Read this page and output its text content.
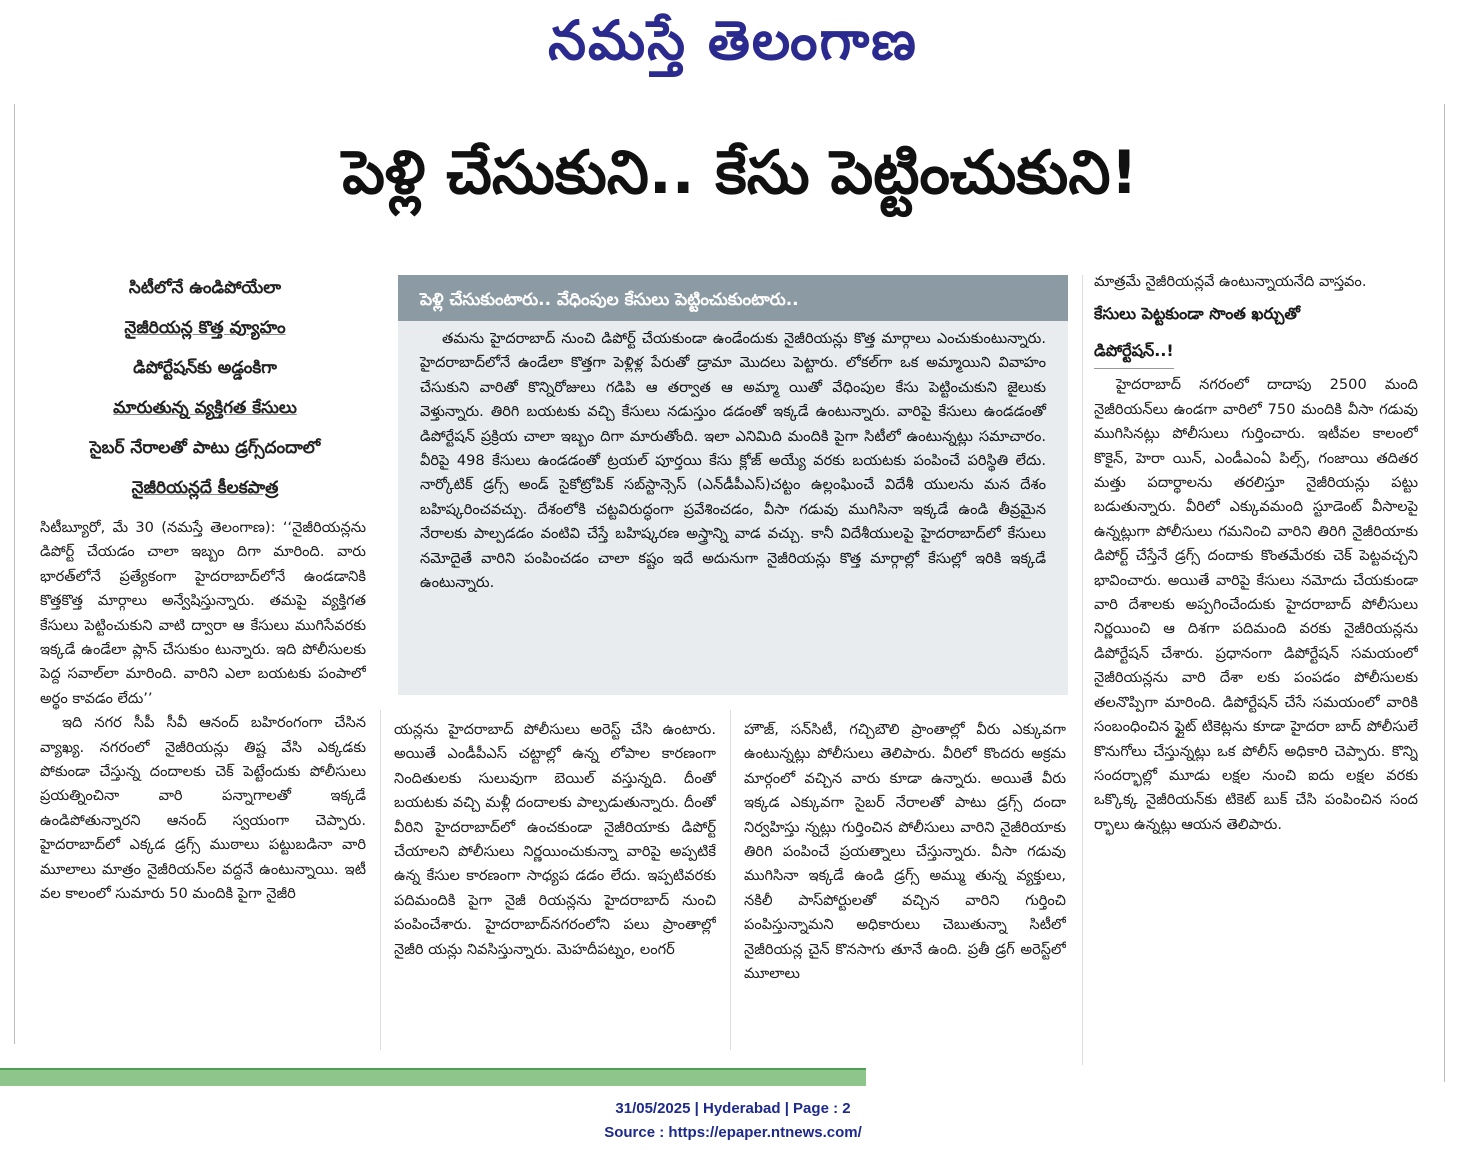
నమస్తే తెలంగాణ
పెళ్లి చేసుకుని.. కేసు పెట్టించుకుని!
సిటీలోనే ఉండిపోయేలా
నైజీరియన్ల కొత్త వ్యూహం
డిపోర్టేషన్‌కు అడ్డంకిగా
మారుతున్న వ్యక్తిగత కేసులు
సైబర్ నేరాలతో పాటు డ్రగ్స్‌దందాలో
నైజీరియన్లదే కీలకపాత్ర
పెళ్లి చేసుకుంటారు.. వేధింపుల కేసులు పెట్టించుకుంటారు..

తమను హైదరాబాద్ నుంచి డిపోర్ట్ చేయకుండా ఉండేందుకు నైజీరియన్లు కొత్త మార్గాలు ఎంచుకుంటున్నారు. హైదరాబాద్‌లోనే ఉండేలా కొత్తగా పెళ్లిళ్ల పేరుతో డ్రామా మొదలు పెట్టారు. లోకల్‌గా ఒక అమ్మాయిని వివాహం చేసుకుని వారితో కొన్నిరోజులు గడిపి ఆ తర్వాత ఆ అమ్మా యితో వేధింపుల కేసు పెట్టించుకుని జైలుకు వెళ్తున్నారు. తిరిగి బయటకు వచ్చి కేసులు నడుస్తుం డడంతో ఇక్కడే ఉంటున్నారు. వారిపై కేసులు ఉండడంతో డిపోర్టేషన్ ప్రక్రియ చాలా ఇబ్బం దిగా మారుతోంది. ఇలా ఎనిమిది మందికి పైగా సిటీలో ఉంటున్నట్లు సమాచారం. వీరిపై 498 కేసులు ఉండడంతో ట్రయల్ పూర్తయి కేసు క్లోజ్ అయ్యే వరకు బయటకు పంపించే పరిస్థితి లేదు. నార్కోటిక్ డ్రగ్స్ అండ్ సైకోట్రోపిక్ సబ్‌స్టాన్సెస్ (ఎన్‌డీపీఎస్)చట్టం ఉల్లంఘించే విదేశీ యులను మన దేశం బహిష్కరించవచ్చు. దేశంలోకి చట్టవిరుద్ధంగా ప్రవేశించడం, వీసా గడువు ముగిసినా ఇక్కడే ఉండి తీవ్రమైన నేరాలకు పాల్పడడం వంటివి చేస్తే బహిష్కరణ అస్త్రాన్ని వాడ వచ్చు. కానీ విదేశీయులపై హైదరాబాద్‌లో కేసులు నమోదైతే వారిని పంపించడం చాలా కష్టం ఇదే అదునుగా నైజీరియన్లు కొత్త మార్గాల్లో కేసుల్లో ఇరికి ఇక్కడే ఉంటున్నారు.

సిటీబ్యూరో, మే 30 (నమస్తే తెలంగాణ): ‘‘నైజీరియన్లను డిపోర్ట్ చేయడం చాలా ఇబ్బం దిగా మారింది. వారు భారత్‌లోనే ప్రత్యేకంగా హైదరాబాద్‌లోనే ఉండడానికి కొత్తకొత్త మార్గాలు అన్వేషిస్తున్నారు. తమపై వ్యక్తిగత కేసులు పెట్టించుకుని వాటి ద్వారా ఆ కేసులు ముగిసేవరకు ఇక్కడే ఉండేలా ప్లాన్ చేసుకుం టున్నారు. ఇది పోలీసులకు పెద్ద సవాల్‌లా మారింది. వారిని ఎలా బయటకు పంపాలో అర్థం కావడం లేదు’’

ఇది నగర సీపీ సీవీ ఆనంద్ బహిరంగంగా చేసిన వ్యాఖ్య. నగరంలో నైజీరియన్లు తిష్ట వేసి ఎక్కడకు పోకుండా చేస్తున్న దందాలకు చెక్ పెట్టేందుకు పోలీసులు ప్రయత్నించినా వారి పన్నాగాలతో ఇక్కడే ఉండిపోతున్నారని ఆనంద్ స్వయంగా చెప్పారు. హైదరాబాద్‌లో ఎక్కడ డ్రగ్స్ ముఠాలు పట్టుబడినా వారి మూలాలు మాత్రం నైజీరియన్‌ల వద్దనే ఉంటున్నాయి. ఇటీ వల కాలంలో సుమారు 50 మందికి పైగా నైజీరి

యన్లను హైదరాబాద్ పోలీసులు అరెస్ట్ చేసి ఉంటారు. అయితే ఎండీపీఎస్ చట్టాల్లో ఉన్న లోపాల కారణంగా నిందితులకు సులువుగా బెయిల్ వస్తున్నది. దీంతో బయటకు వచ్చి మళ్లీ దందాలకు పాల్పడుతున్నారు. దీంతో వీరిని హైదరాబాద్‌లో ఉంచకుండా నైజీరియాకు డిపోర్ట్ చేయాలని పోలీసులు నిర్ణయించుకున్నా వారిపై అప్పటికే ఉన్న కేసుల కారణంగా సాధ్యప డడం లేదు. ఇప్పటివరకు పదిమందికి పైగా నైజీ రియన్లను హైదరాబాద్ నుంచి పంపించేశారు. హైదరాబాద్‌నగరంలోని పలు ప్రాంతాల్లో నైజీరి యన్లు నివసిస్తున్నారు. మెహదీపట్నం, లంగర్

హౌజ్, సన్‌సిటీ, గచ్చిబౌలి ప్రాంతాల్లో వీరు ఎక్కువగా ఉంటున్నట్లు పోలీసులు తెలిపారు. వీరిలో కొందరు అక్రమ మార్గంలో వచ్చిన వారు కూడా ఉన్నారు. అయితే వీరు ఇక్కడ ఎక్కువగా సైబర్ నేరాలతో పాటు డ్రగ్స్ దందా నిర్వహిస్తు న్నట్లు గుర్తించిన పోలీసులు వారిని నైజీరియాకు తిరిగి పంపించే ప్రయత్నాలు చేస్తున్నారు. వీసా గడువు ముగిసినా ఇక్కడే ఉండి డ్రగ్స్ అమ్ము తున్న వ్యక్తులు, నకిలీ పాస్‌పోర్టులతో వచ్చిన వారిని గుర్తించి పంపిస్తున్నామని అధికారులు చెబుతున్నా సిటీలో నైజీరియన్ల చైన్ కొనసాగు తూనే ఉంది. ప్రతీ డ్రగ్ అరెస్ట్‌లో మూలాలు

మాత్రమే నైజీరియన్లవే ఉంటున్నాయనేది వాస్తవం.

కేసులు పెట్టకుండా సొంత ఖర్చుతో
డిపోర్టేషన్..!

హైదరాబాద్ నగరంలో దాదాపు 2500 మంది నైజీరియన్‌లు ఉండగా వారిలో 750 మందికి వీసా గడువు ముగిసినట్లు పోలీసులు గుర్తించారు. ఇటీవల కాలంలో కొకైన్, హెరా యిన్, ఎండీఎంఏ పిల్స్, గంజాయి తదితర మత్తు పదార్థాలను తరలిస్తూ నైజీరియన్లు పట్టు బడుతున్నారు. వీరిలో ఎక్కువమంది స్టూడెంట్ వీసాలపై ఉన్నట్లుగా పోలీసులు గమనించి వారిని తిరిగి నైజీరియాకు డిపోర్ట్ చేస్తేనే డ్రగ్స్ దందాకు కొంతమేరకు చెక్ పెట్టవచ్చని భావించారు. అయితే వారిపై కేసులు నమోదు చేయకుండా వారి దేశాలకు అప్పగించేందుకు హైదరాబాద్ పోలీసులు నిర్ణయించి ఆ దిశగా పదిమంది వరకు నైజీరియన్లను డిపోర్టేషన్ చేశారు. ప్రధానంగా డిపోర్టేషన్ సమయంలో నైజీరియన్లను వారి దేశా లకు పంపడం పోలీసులకు తలనొప్పిగా మారింది. డిపోర్టేషన్ చేసే సమయంలో వారికి సంబంధించిన ఫ్లైట్ టికెట్లను కూడా హైదరా బాద్ పోలీసులే కొనుగోలు చేస్తున్నట్లు ఒక పోలీస్ అధికారి చెప్పారు. కొన్ని సందర్భాల్లో మూడు లక్షల నుంచి ఐదు లక్షల వరకు ఒక్కొక్క నైజీరియన్‌కు టికెట్ బుక్ చేసి పంపించిన సంద ర్భాలు ఉన్నట్లు ఆయన తెలిపారు.

31/05/2025 | Hyderabad | Page : 2
Source : https://epaper.ntnews.com/
